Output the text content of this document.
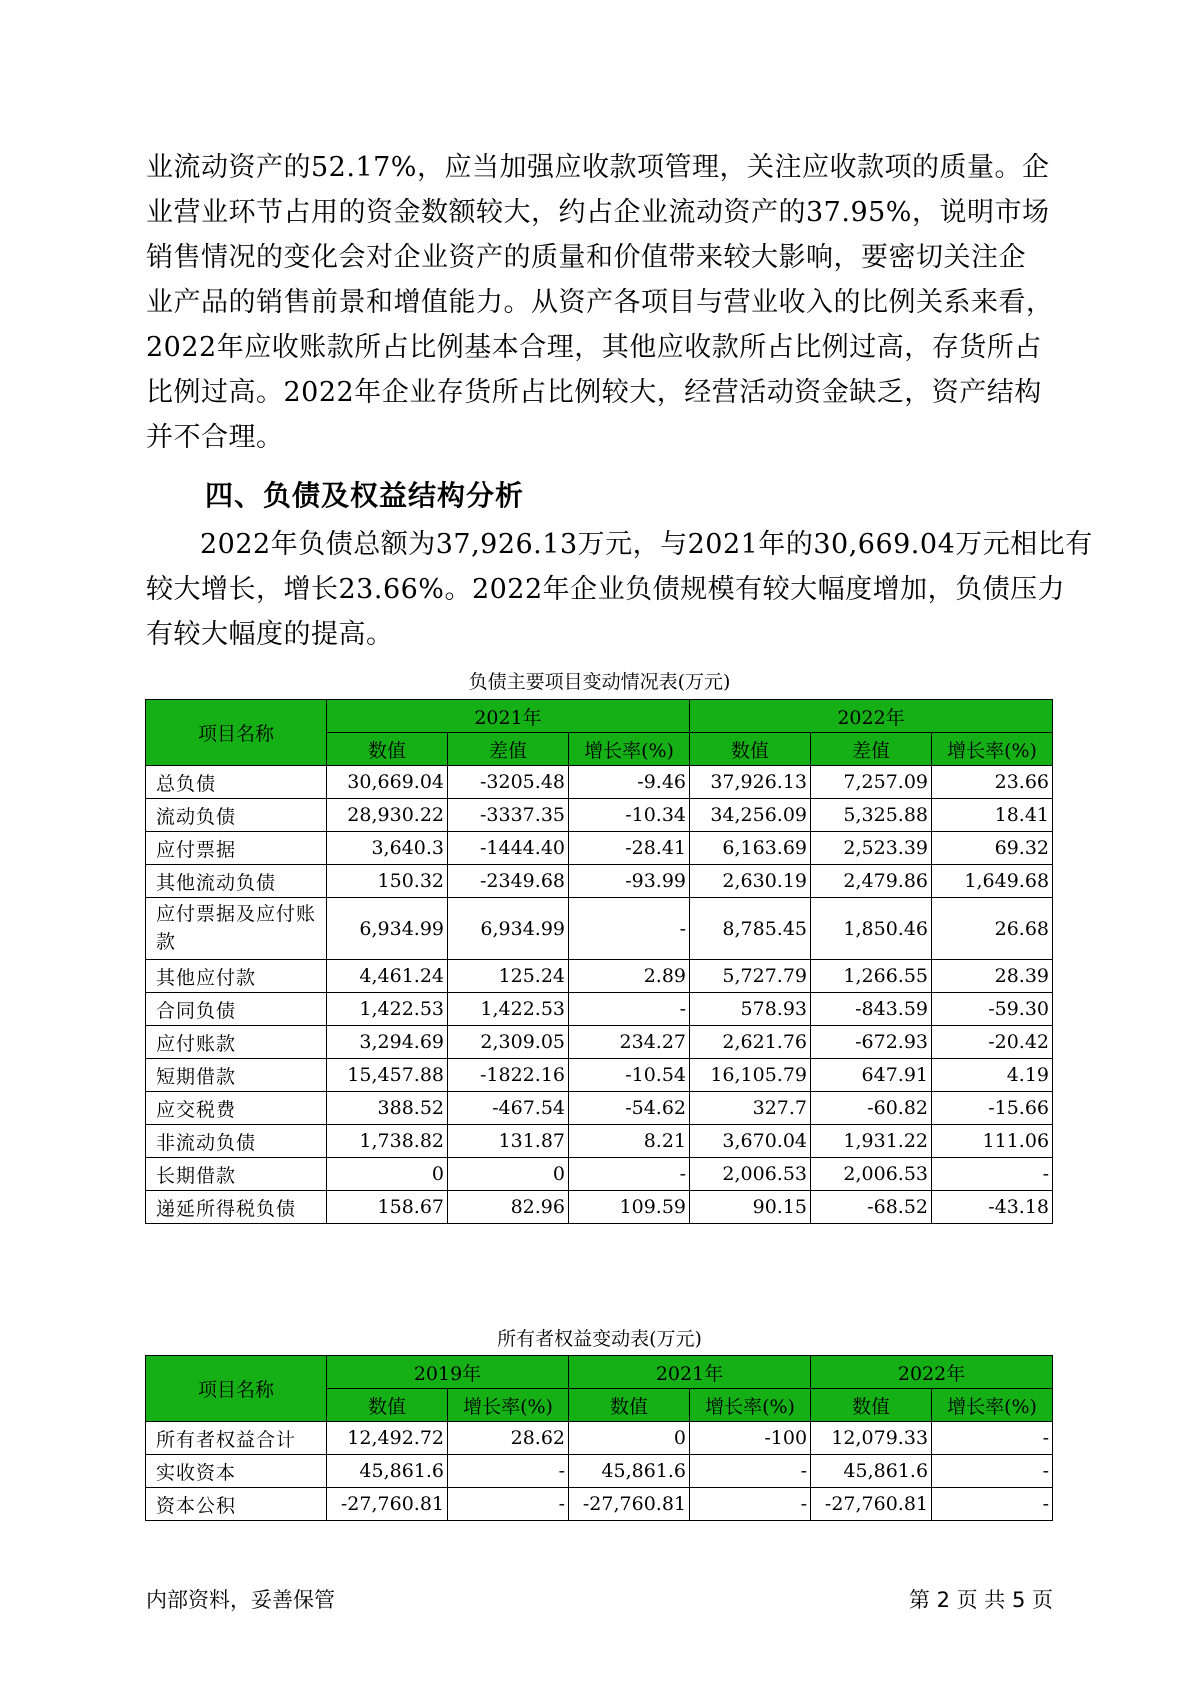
业流动资产的52.17%，应当加强应收款项管理，关注应收款项的质量。企
业营业环节占用的资金数额较大，约占企业流动资产的37.95%，说明市场
销售情况的变化会对企业资产的质量和价值带来较大影响，要密切关注企
业产品的销售前景和增值能力。从资产各项目与营业收入的比例关系来看，
2022年应收账款所占比例基本合理，其他应收款所占比例过高，存货所占
比例过高。2022年企业存货所占比例较大，经营活动资金缺乏，资产结构
并不合理。
四、负债及权益结构分析
2022年负债总额为37,926.13万元，与2021年的30,669.04万元相比有
较大增长，增长23.66%。2022年企业负债规模有较大幅度增加，负债压力
有较大幅度的提高。
负债主要项目变动情况表(万元)
项目名称	2021年			2022年		
	数值	差值	增长率(%)	数值	差值	增长率(%)
总负债	30,669.04	-3205.48	-9.46	37,926.13	7,257.09	23.66
流动负债	28,930.22	-3337.35	-10.34	34,256.09	5,325.88	18.41
应付票据	3,640.3	-1444.40	-28.41	6,163.69	2,523.39	69.32
其他流动负债	150.32	-2349.68	-93.99	2,630.19	2,479.86	1,649.68
应付票据及应付账款	6,934.99	6,934.99	-	8,785.45	1,850.46	26.68
其他应付款	4,461.24	125.24	2.89	5,727.79	1,266.55	28.39
合同负债	1,422.53	1,422.53	-	578.93	-843.59	-59.30
应付账款	3,294.69	2,309.05	234.27	2,621.76	-672.93	-20.42
短期借款	15,457.88	-1822.16	-10.54	16,105.79	647.91	4.19
应交税费	388.52	-467.54	-54.62	327.7	-60.82	-15.66
非流动负债	1,738.82	131.87	8.21	3,670.04	1,931.22	111.06
长期借款	0	0	-	2,006.53	2,006.53	-
递延所得税负债	158.67	82.96	109.59	90.15	-68.52	-43.18
所有者权益变动表(万元)
项目名称	2019年		2021年		2022年	
	数值	增长率(%)	数值	增长率(%)	数值	增长率(%)
所有者权益合计	12,492.72	28.62	0	-100	12,079.33	-
实收资本	45,861.6	-	45,861.6	-	45,861.6	-
资本公积	-27,760.81	-	-27,760.81	-	-27,760.81	-
内部资料，妥善保管	第 2 页 共 5 页
